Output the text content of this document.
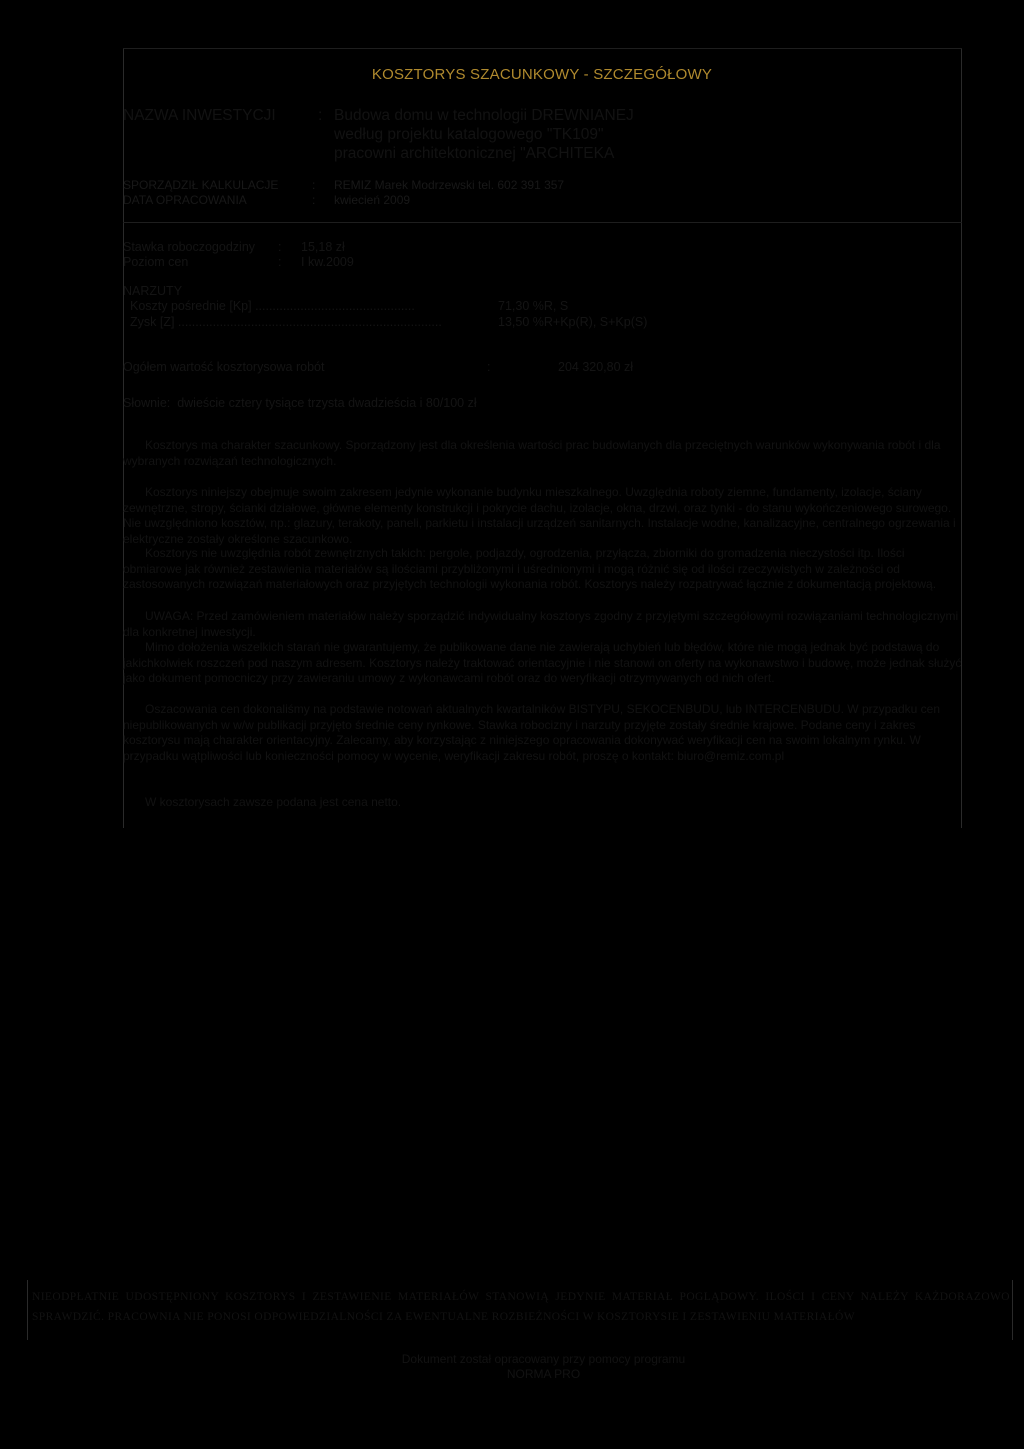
KOSZTORYS SZACUNKOWY - SZCZEGÓŁOWY
NAZWA INWESTYCJI	: Budowa domu w technologii DREWNIANEJ
według projektu katalogowego "TK109"
pracowni architektonicznej "ARCHITEKA
SPORZĄDZIŁ KALKULACJE	: REMIZ Marek Modrzewski tel. 602 391 357
DATA OPRACOWANIA	: kwiecień 2009
Stawka roboczogodziny : 15,18 zł
Poziom cen	: I kw.2009
NARZUTY
Koszty pośrednie [Kp] ..............................................	71,30 %R, S
Zysk [Z] ............................................................................	13,50 %R+Kp(R), S+Kp(S)
Ogółem wartość kosztorysowa robót	:	204 320,80 zł
Słownie:  dwieście cztery tysiące trzysta dwadzieścia i 80/100 zł
Kosztorys ma charakter szacunkowy. Sporządzony jest dla określenia wartości prac budowlanych dla przeciętnych warunków wykonywania robót i dla wybranych rozwiązań technologicznych.
Kosztorys niniejszy obejmuje swoim zakresem jedynie wykonanie budynku mieszkalnego. Uwzględnia roboty ziemne, fundamenty, izolacje, ściany zewnętrzne, stropy, ścianki działowe, główne elementy konstrukcji i pokrycie dachu, izolacje, okna, drzwi, oraz tynki - do stanu wykończeniowego surowego. Nie uwzględniono kosztów, np.: glazury, terakoty, paneli, parkietu i instalacji urządzeń sanitarnych. Instalacje wodne, kanalizacyjne, centralnego ogrzewania i elektryczne zostały określone szacunkowo.
Kosztorys nie uwzględnia robót zewnętrznych takich: pergole, podjazdy, ogrodzenia, przyłącza, zbiorniki do gromadzenia nieczystości itp. Ilości obmiarowe jak również zestawienia materiałów są ilościami przybliżonymi i uśrednionymi i mogą różnić się od ilości rzeczywistych w zależności od zastosowanych rozwiązań materiałowych oraz przyjętych technologii wykonania robót. Kosztorys należy rozpatrywać łącznie z dokumentacją projektową.
UWAGA: Przed zamówieniem materiałów należy sporządzić indywidualny kosztorys zgodny z przyjętymi szczegółowymi rozwiązaniami technologicznymi dla konkretnej inwestycji.
Mimo dołożenia wszelkich starań nie gwarantujemy, że publikowane dane nie zawierają uchybień lub błędów, które nie mogą jednak być podstawą do jakichkolwiek roszczeń pod naszym adresem. Kosztorys należy traktować orientacyjnie i nie stanowi on oferty na wykonawstwo i budowę, może jednak służyć jako dokument pomocniczy przy zawieraniu umowy z wykonawcami robót oraz do weryfikacji otrzymywanych od nich ofert.
Oszacowania cen dokonaliśmy na podstawie notowań aktualnych kwartalników BISTYPU, SEKOCENBUDU, lub INTERCENBUDU. W przypadku cen niepublikowanych w w/w publikacji przyjęto średnie ceny rynkowe. Stawka robocizny i narzuty przyjęte zostały średnie krajowe. Podane ceny i zakres kosztorysu mają charakter orientacyjny. Zalecamy, aby korzystając z niniejszego opracowania dokonywać weryfikacji cen na swoim lokalnym rynku. W przypadku wątpliwości lub konieczności pomocy w wycenie, weryfikacji zakresu robót, proszę o kontakt: biuro@remiz.com.pl
W kosztorysach zawsze podana jest cena netto.
NIEODPŁATNIE UDOSTĘPNIONY KOSZTORYS I ZESTAWIENIE MATERIAŁÓW STANOWIĄ JEDYNIE MATERIAŁ POGLĄDOWY. ILOŚCI I CENY NALEŻY KAŻDORAZOWO SPRAWDZIĆ. PRACOWNIA NIE PONOSI ODPOWIEDZIALNOŚCI ZA EWENTUALNE ROZBIEŻNOŚCI W KOSZTORYSIE I ZESTAWIENIU MATERIAŁÓW
Dokument został opracowany przy pomocy programu
NORMA PRO
